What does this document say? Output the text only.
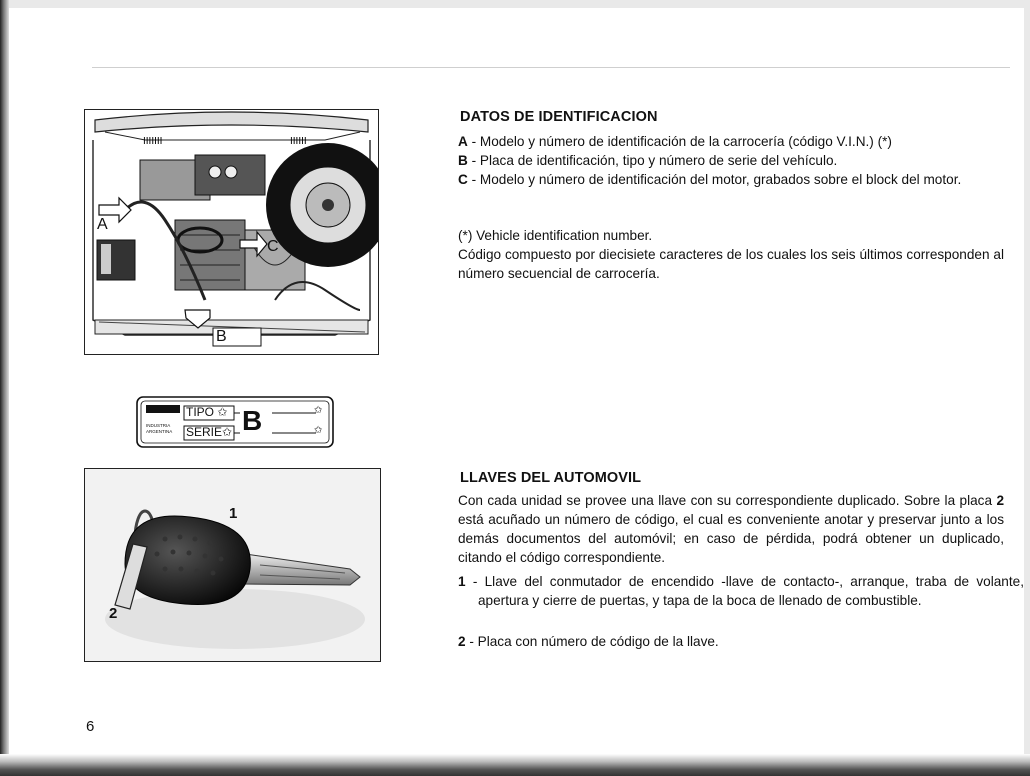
IIIIIII	IIIIII
A
B
C
TIPO ✩
SERIE✩ B	✩
✩
INDUSTRIA ARGENTINA
1
2
DATOS DE IDENTIFICACION
A - Modelo y número de identificación de la carrocería (código V.I.N.) (*)
B - Placa de identificación, tipo y número de serie del vehículo.
C - Modelo y número de identificación del motor, grabados sobre el block del motor.
(*) Vehicle identification number.
Código compuesto por diecisiete caracteres de los cuales los seis últimos corresponden al número secuencial de carrocería.
LLAVES DEL AUTOMOVIL
Con cada unidad se provee una llave con su correspondiente duplicado. Sobre la placa 2 está acuñado un número de código, el cual es conveniente anotar y preservar junto a los demás documentos del automóvil; en caso de pérdida, podrá obtener un duplicado, citando el código correspondiente.
1 - Llave del conmutador de encendido -llave de contacto-, arranque, traba de volante, apertura y cierre de puertas, y tapa de la boca de llenado de combustible.
2 - Placa con número de código de la llave.
6
